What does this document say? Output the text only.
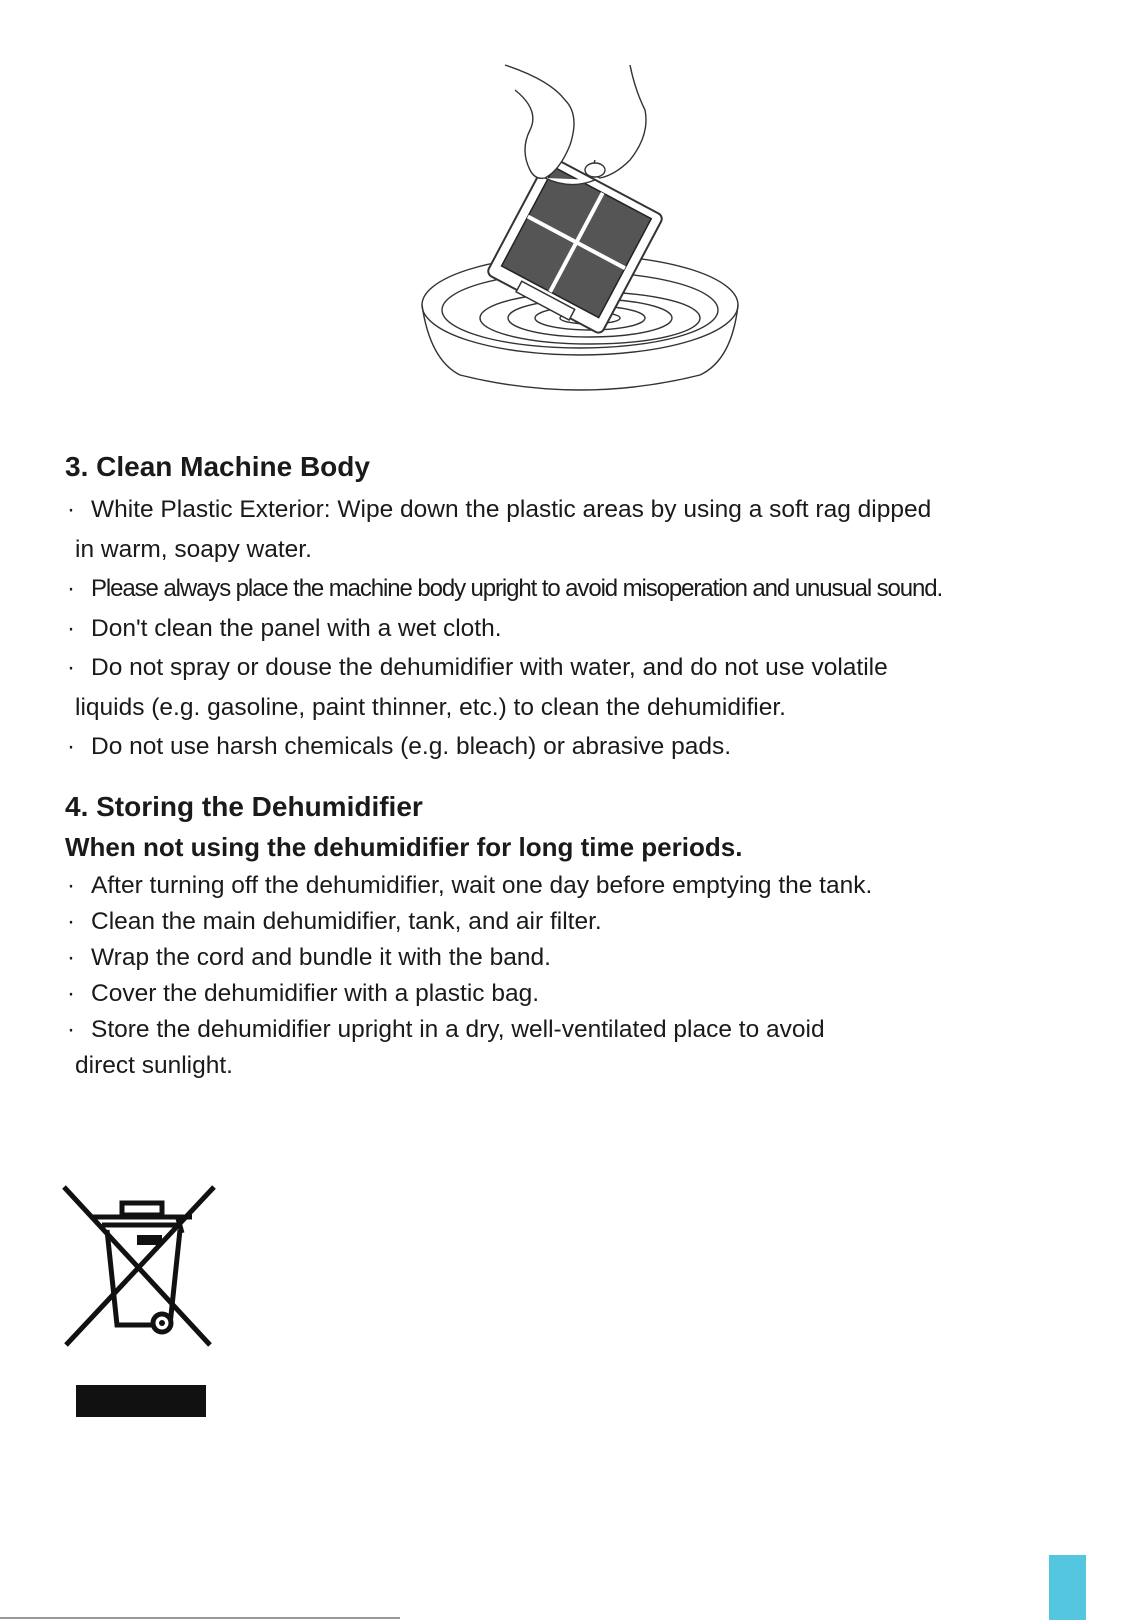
3. Clean Machine Body
· White Plastic Exterior: Wipe down the plastic areas by using a soft rag dipped
in warm, soapy water.
· Please always place the machine body upright to avoid misoperation and unusual sound.
· Don't clean the panel with a wet cloth.
· Do not spray or douse the dehumidifier with water, and do not use volatile
liquids (e.g. gasoline, paint thinner, etc.) to clean the dehumidifier.
· Do not use harsh chemicals (e.g. bleach) or abrasive pads.
4. Storing the Dehumidifier
When not using the dehumidifier for long time periods.
· After turning off the dehumidifier, wait one day before emptying the tank.
· Clean the main dehumidifier, tank, and air filter.
· Wrap the cord and bundle it with the band.
· Cover the dehumidifier with a plastic bag.
· Store the dehumidifier upright in a dry, well-ventilated place to avoid
direct sunlight.
